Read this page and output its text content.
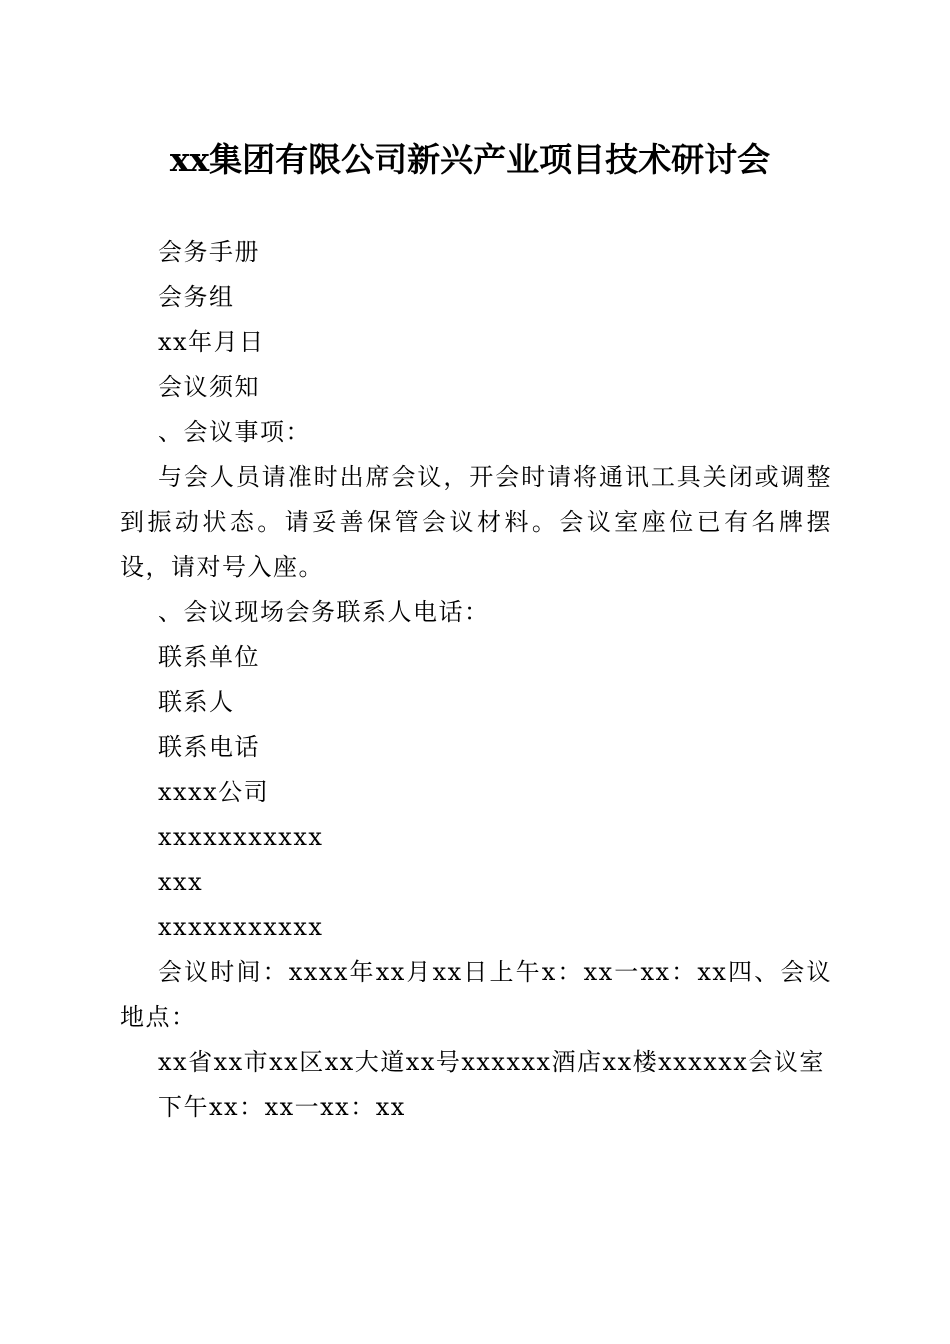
xx集团有限公司新兴产业项目技术研讨会

会务手册

会务组

xx年月日

会议须知

、会议事项：

与会人员请准时出席会议，开会时请将通讯工具关闭或调整到振动状态。请妥善保管会议材料。会议室座位已有名牌摆设，请对号入座。

、会议现场会务联系人电话：

联系单位

联系人

联系电话

xxxx公司

xxxxxxxxxxx

xxx

xxxxxxxxxxx

会议时间：xxxx年xx月xx日上午x：xx一xx：xx四、会议地点：

xx省xx市xx区xx大道xx号xxxxxx酒店xx楼xxxxxx会议室

下午xx：xx一xx：xx
